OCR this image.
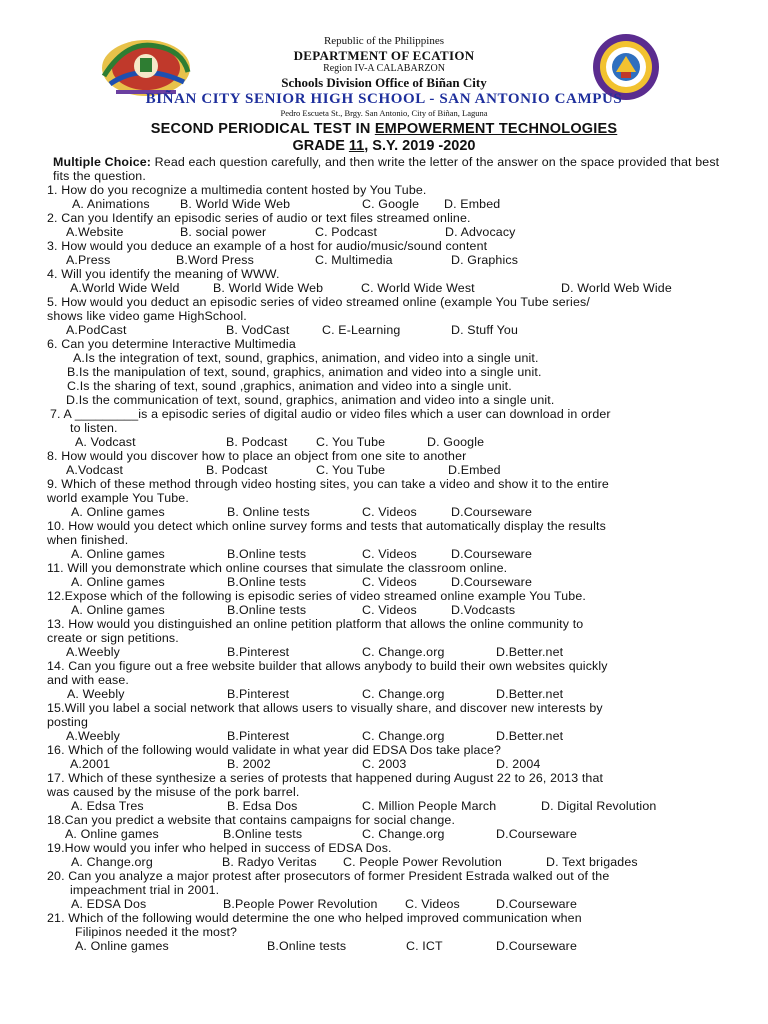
Republic of the Philippines
DEPARTMENT OF ECATION
Region IV-A CALABARZON
Schools Division Office of Biñan City
BIÑAN CITY SENIOR HIGH SCHOOL - SAN ANTONIO CAMPUS
Pedro Escueta St., Brgy. San Antonio, City of Biñan, Laguna
SECOND PERIODICAL TEST IN EMPOWERMENT TECHNOLOGIES
GRADE 11, S.Y. 2019 -2020

Multiple Choice: Read each question carefully, and then write the letter of the answer on the space provided that best fits the question.

1. How do you recognize a multimedia content hosted by You Tube.

A. Animations B. World Wide Web	C. Google D. Embed

2. Can you Identify an episodic series of audio or text files streamed online.

A.Website	B. social power	C. Podcast	D. Advocacy

3. How would you deduce an example of a host for audio/music/sound content

A.Press	B.Word Press	C. Multimedia	D. Graphics

4. Will you identify the meaning of WWW.

A.World Wide Weld	B. World Wide Web	C. World Wide West	D. World Web Wide

5. How would you deduct an episodic series of video streamed online (example You Tube series/

shows like video game HighSchool.

A.PodCast	B. VodCast	C. E-Learning	D. Stuff You

6. Can you determine Interactive Multimedia

A.Is the integration of text, sound, graphics, animation, and video into a single unit.

B.Is the manipulation of text, sound, graphics, animation and video into a single unit.

C.Is the sharing of text, sound ,graphics, animation and video into a single unit.

D.Is the communication of text, sound, graphics, animation and video into a single unit.

7. A _________is a episodic series of digital audio or video files which a user can download in order

to listen.

A. Vodcast	B. Podcast C. You Tube	D. Google

8. How would you discover how to place an object from one site to another

A.Vodcast	B. Podcast	C. You Tube	D.Embed

9. Which of these method through video hosting sites, you can take a video and show it to the entire

world example You Tube.

A. Online games	B. Online tests	C. Videos	D.Courseware

10. How would you detect which online survey forms and tests that automatically display the results

when finished.

A. Online games	B.Online tests	C. Videos	D.Courseware

11. Will you demonstrate which online courses that simulate the classroom online.

A. Online games	B.Online tests	C. Videos	D.Courseware

12.Expose which of the following is episodic series of video streamed online example You Tube.

A. Online games	B.Online tests	C. Videos	D.Vodcasts

13. How would you distinguished an online petition platform that allows the online community to

create or sign petitions.

A.Weebly	B.Pinterest	C. Change.org	D.Better.net

14. Can you figure out a free website builder that allows anybody to build their own websites quickly

and with ease.

A. Weebly	B.Pinterest	C. Change.org	D.Better.net

15.Will you label a social network that allows users to visually share, and discover new interests by

posting

A.Weebly	B.Pinterest	C. Change.org	D.Better.net

16. Which of the following would validate in what year did EDSA Dos take place?

A.2001	B. 2002	C. 2003	D. 2004

17. Which of these synthesize a series of protests that happened during August 22 to 26, 2013 that

was caused by the misuse of the pork barrel.

A. Edsa Tres	B. Edsa Dos	C. Million People March	D. Digital Revolution

18.Can you predict a website that contains campaigns for social change.

A. Online games	B.Online tests	C. Change.org	D.Courseware

19.How would you infer who helped in success of EDSA Dos.

A. Change.org	B. Radyo Veritas C. People Power Revolution	D. Text brigades

20. Can you analyze a major protest after prosecutors of former President Estrada walked out of the

impeachment trial in 2001.

A. EDSA Dos	B.People Power Revolution C. Videos	D.Courseware

21. Which of the following would determine the one who helped improved communication when

Filipinos needed it the most?

A. Online games	B.Online tests	C. ICT	D.Courseware
